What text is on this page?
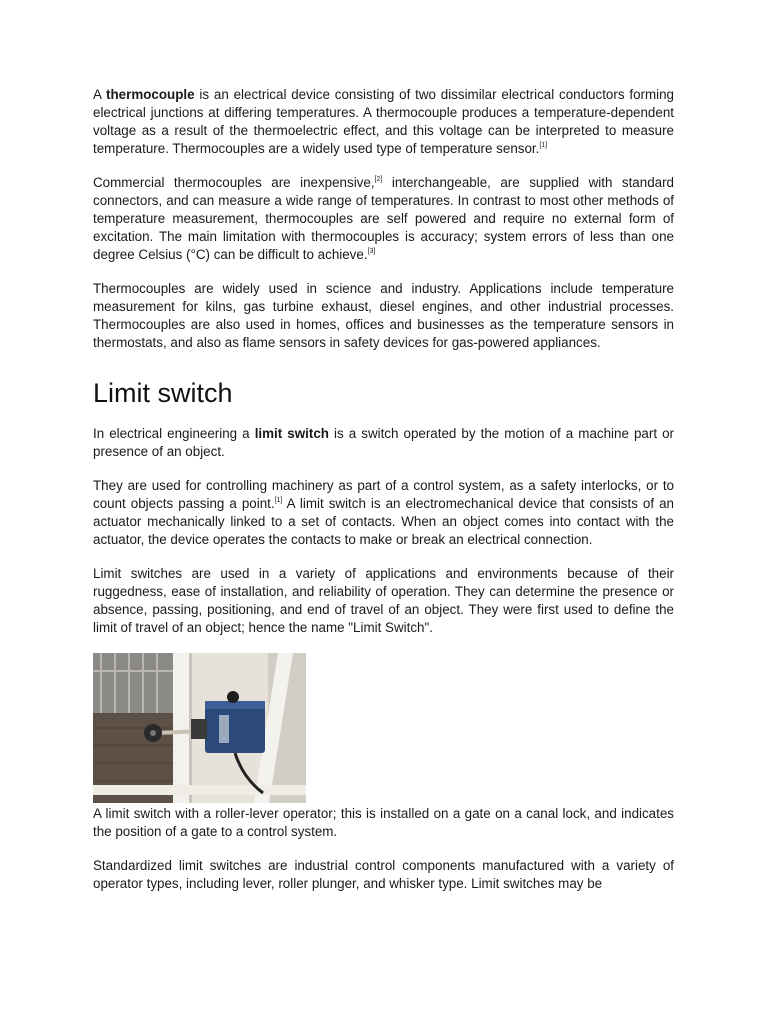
A thermocouple is an electrical device consisting of two dissimilar electrical conductors forming electrical junctions at differing temperatures. A thermocouple produces a temperature-dependent voltage as a result of the thermoelectric effect, and this voltage can be interpreted to measure temperature. Thermocouples are a widely used type of temperature sensor.[1]

Commercial thermocouples are inexpensive,[2] interchangeable, are supplied with standard connectors, and can measure a wide range of temperatures. In contrast to most other methods of temperature measurement, thermocouples are self powered and require no external form of excitation. The main limitation with thermocouples is accuracy; system errors of less than one degree Celsius (°C) can be difficult to achieve.[3]

Thermocouples are widely used in science and industry. Applications include temperature measurement for kilns, gas turbine exhaust, diesel engines, and other industrial processes. Thermocouples are also used in homes, offices and businesses as the temperature sensors in thermostats, and also as flame sensors in safety devices for gas-powered appliances.

Limit switch

In electrical engineering a limit switch is a switch operated by the motion of a machine part or presence of an object.

They are used for controlling machinery as part of a control system, as a safety interlocks, or to count objects passing a point.[1] A limit switch is an electromechanical device that consists of an actuator mechanically linked to a set of contacts. When an object comes into contact with the actuator, the device operates the contacts to make or break an electrical connection.

Limit switches are used in a variety of applications and environments because of their ruggedness, ease of installation, and reliability of operation. They can determine the presence or absence, passing, positioning, and end of travel of an object. They were first used to define the limit of travel of an object; hence the name "Limit Switch".

A limit switch with a roller-lever operator; this is installed on a gate on a canal lock, and indicates the position of a gate to a control system.

Standardized limit switches are industrial control components manufactured with a variety of operator types, including lever, roller plunger, and whisker type. Limit switches may be
